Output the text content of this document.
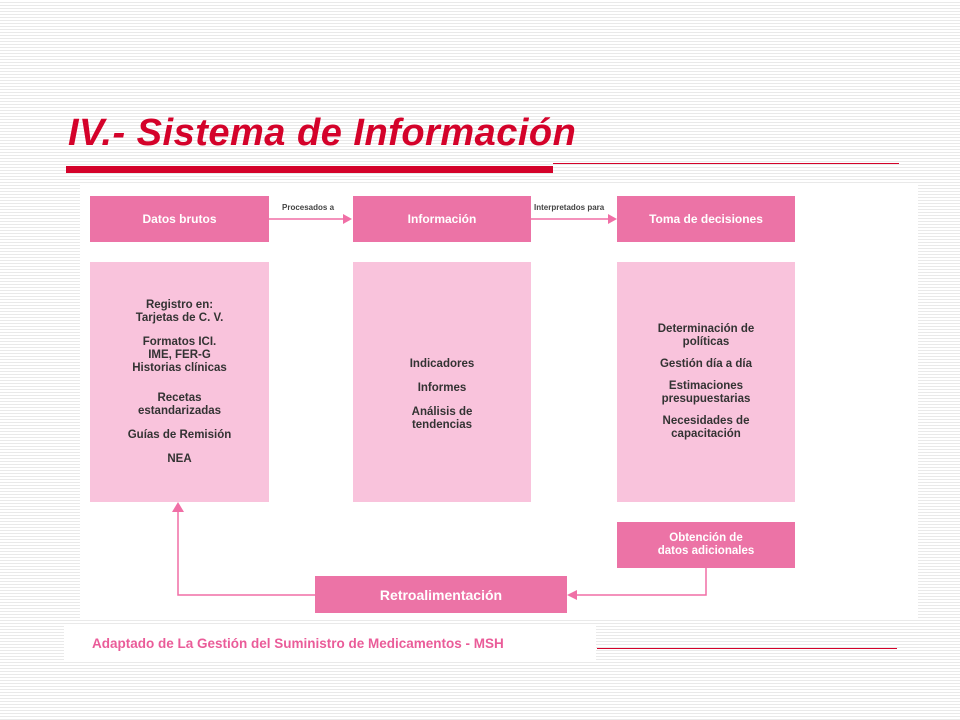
IV.- Sistema de Información
Procesados a	Interpretados para
Datos brutos	Información	Toma de decisiones
Registro en:
Tarjetas de C. V.
Formatos ICI.
IME, FER-G
Historias clínicas
Recetas
estandarizadas
Guías de Remisión
NEA
Indicadores
Informes
Análisis de
tendencias
Determinación de
políticas
Gestión día a día
Estimaciones
presupuestarias
Necesidades de
capacitación
Obtención de
datos adicionales
Retroalimentación
Adaptado de La Gestión del Suministro de Medicamentos - MSH
